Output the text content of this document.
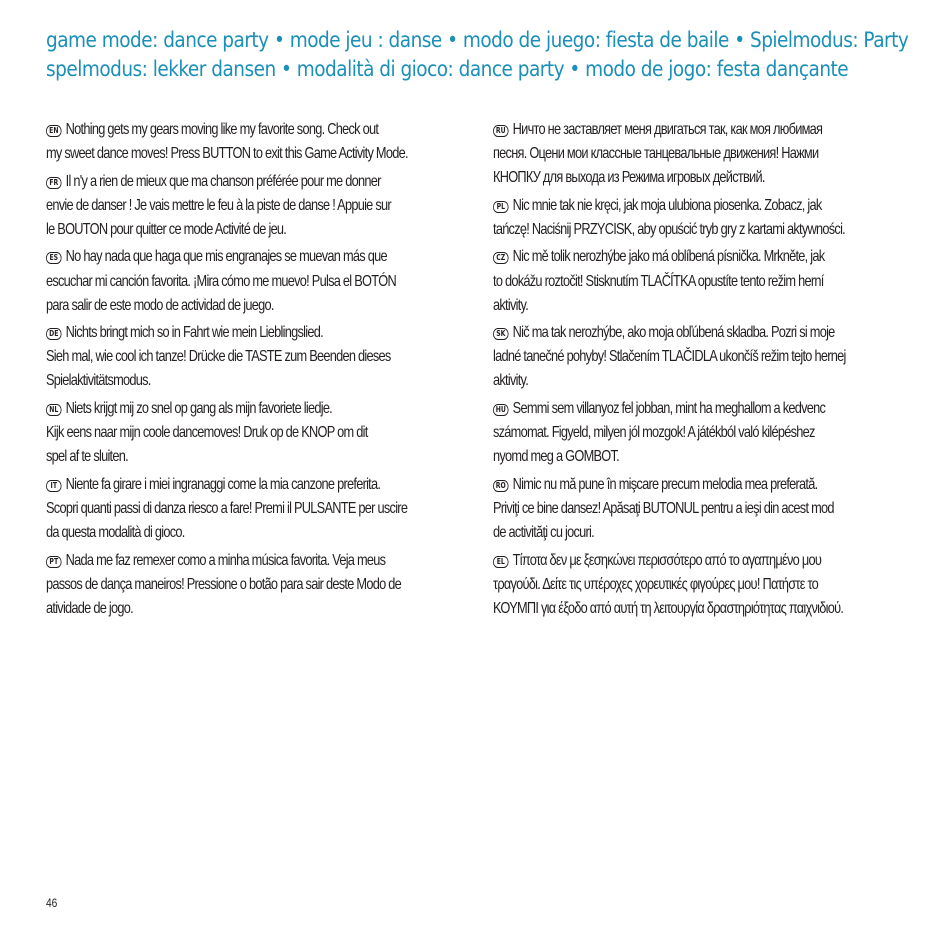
game mode: dance party • mode jeu : danse • modo de juego: fiesta de baile • Spielmodus: Party
spelmodus: lekker dansen • modalità di gioco: dance party • modo de jogo: festa dançante
EN Nothing gets my gears moving like my favorite song. Check out
my sweet dance moves! Press BUTTON to exit this Game Activity Mode.
FR Il n'y a rien de mieux que ma chanson préférée pour me donner
envie de danser ! Je vais mettre le feu à la piste de danse ! Appuie sur
le BOUTON pour quitter ce mode Activité de jeu.
ES No hay nada que haga que mis engranajes se muevan más que
escuchar mi canción favorita. ¡Mira cómo me muevo! Pulsa el BOTÓN
para salir de este modo de actividad de juego.
DE Nichts bringt mich so in Fahrt wie mein Lieblingslied.
Sieh mal, wie cool ich tanze! Drücke die TASTE zum Beenden dieses
Spielaktivitätsmodus.
NL Niets krijgt mij zo snel op gang als mijn favoriete liedje.
Kijk eens naar mijn coole dancemoves! Druk op de KNOP om dit
spel af te sluiten.
IT Niente fa girare i miei ingranaggi come la mia canzone preferita.
Scopri quanti passi di danza riesco a fare! Premi il PULSANTE per uscire
da questa modalità di gioco.
PT Nada me faz remexer como a minha música favorita. Veja meus
passos de dança maneiros! Pressione o botão para sair deste Modo de
atividade de jogo.
RU Ничто не заставляет меня двигаться так, как моя любимая
песня. Оцени мои классные танцевальные движения! Нажми
КНОПКУ для выхода из Режима игровых действий.
PL Nic mnie tak nie kręci, jak moja ulubiona piosenka. Zobacz, jak
tańczę! Naciśnij PRZYCISK, aby opuścić tryb gry z kartami aktywności.
CZ Nic mě tolik nerozhýbe jako má oblíbená písnička. Mrkněte, jak
to dokážu roztočit! Stisknutím TLAČÍTKA opustíte tento režim herní
aktivity.
SK Nič ma tak nerozhýbe, ako moja obľúbená skladba. Pozri si moje
ladné tanečné pohyby! Stlačením TLAČIDLA ukončíš režim tejto hernej
aktivity.
HU Semmi sem villanyoz fel jobban, mint ha meghallom a kedvenc
számomat. Figyeld, milyen jól mozgok! A játékból való kilépéshez
nyomd meg a GOMBOT.
RO Nimic nu mă pune în mişcare precum melodia mea preferată.
Priviţi ce bine dansez! Apăsaţi BUTONUL pentru a ieşi din acest mod
de activităţi cu jocuri.
EL Τίποτα δεν με ξεσηκώνει περισσότερο από το αγαπημένο μου
τραγούδι. Δείτε τις υπέροχες χορευτικές φιγούρες μου! Πατήστε το
ΚΟΥΜΠΙ για έξοδο από αυτή τη λειτουργία δραστηριότητας παιχνιδιού.
46
